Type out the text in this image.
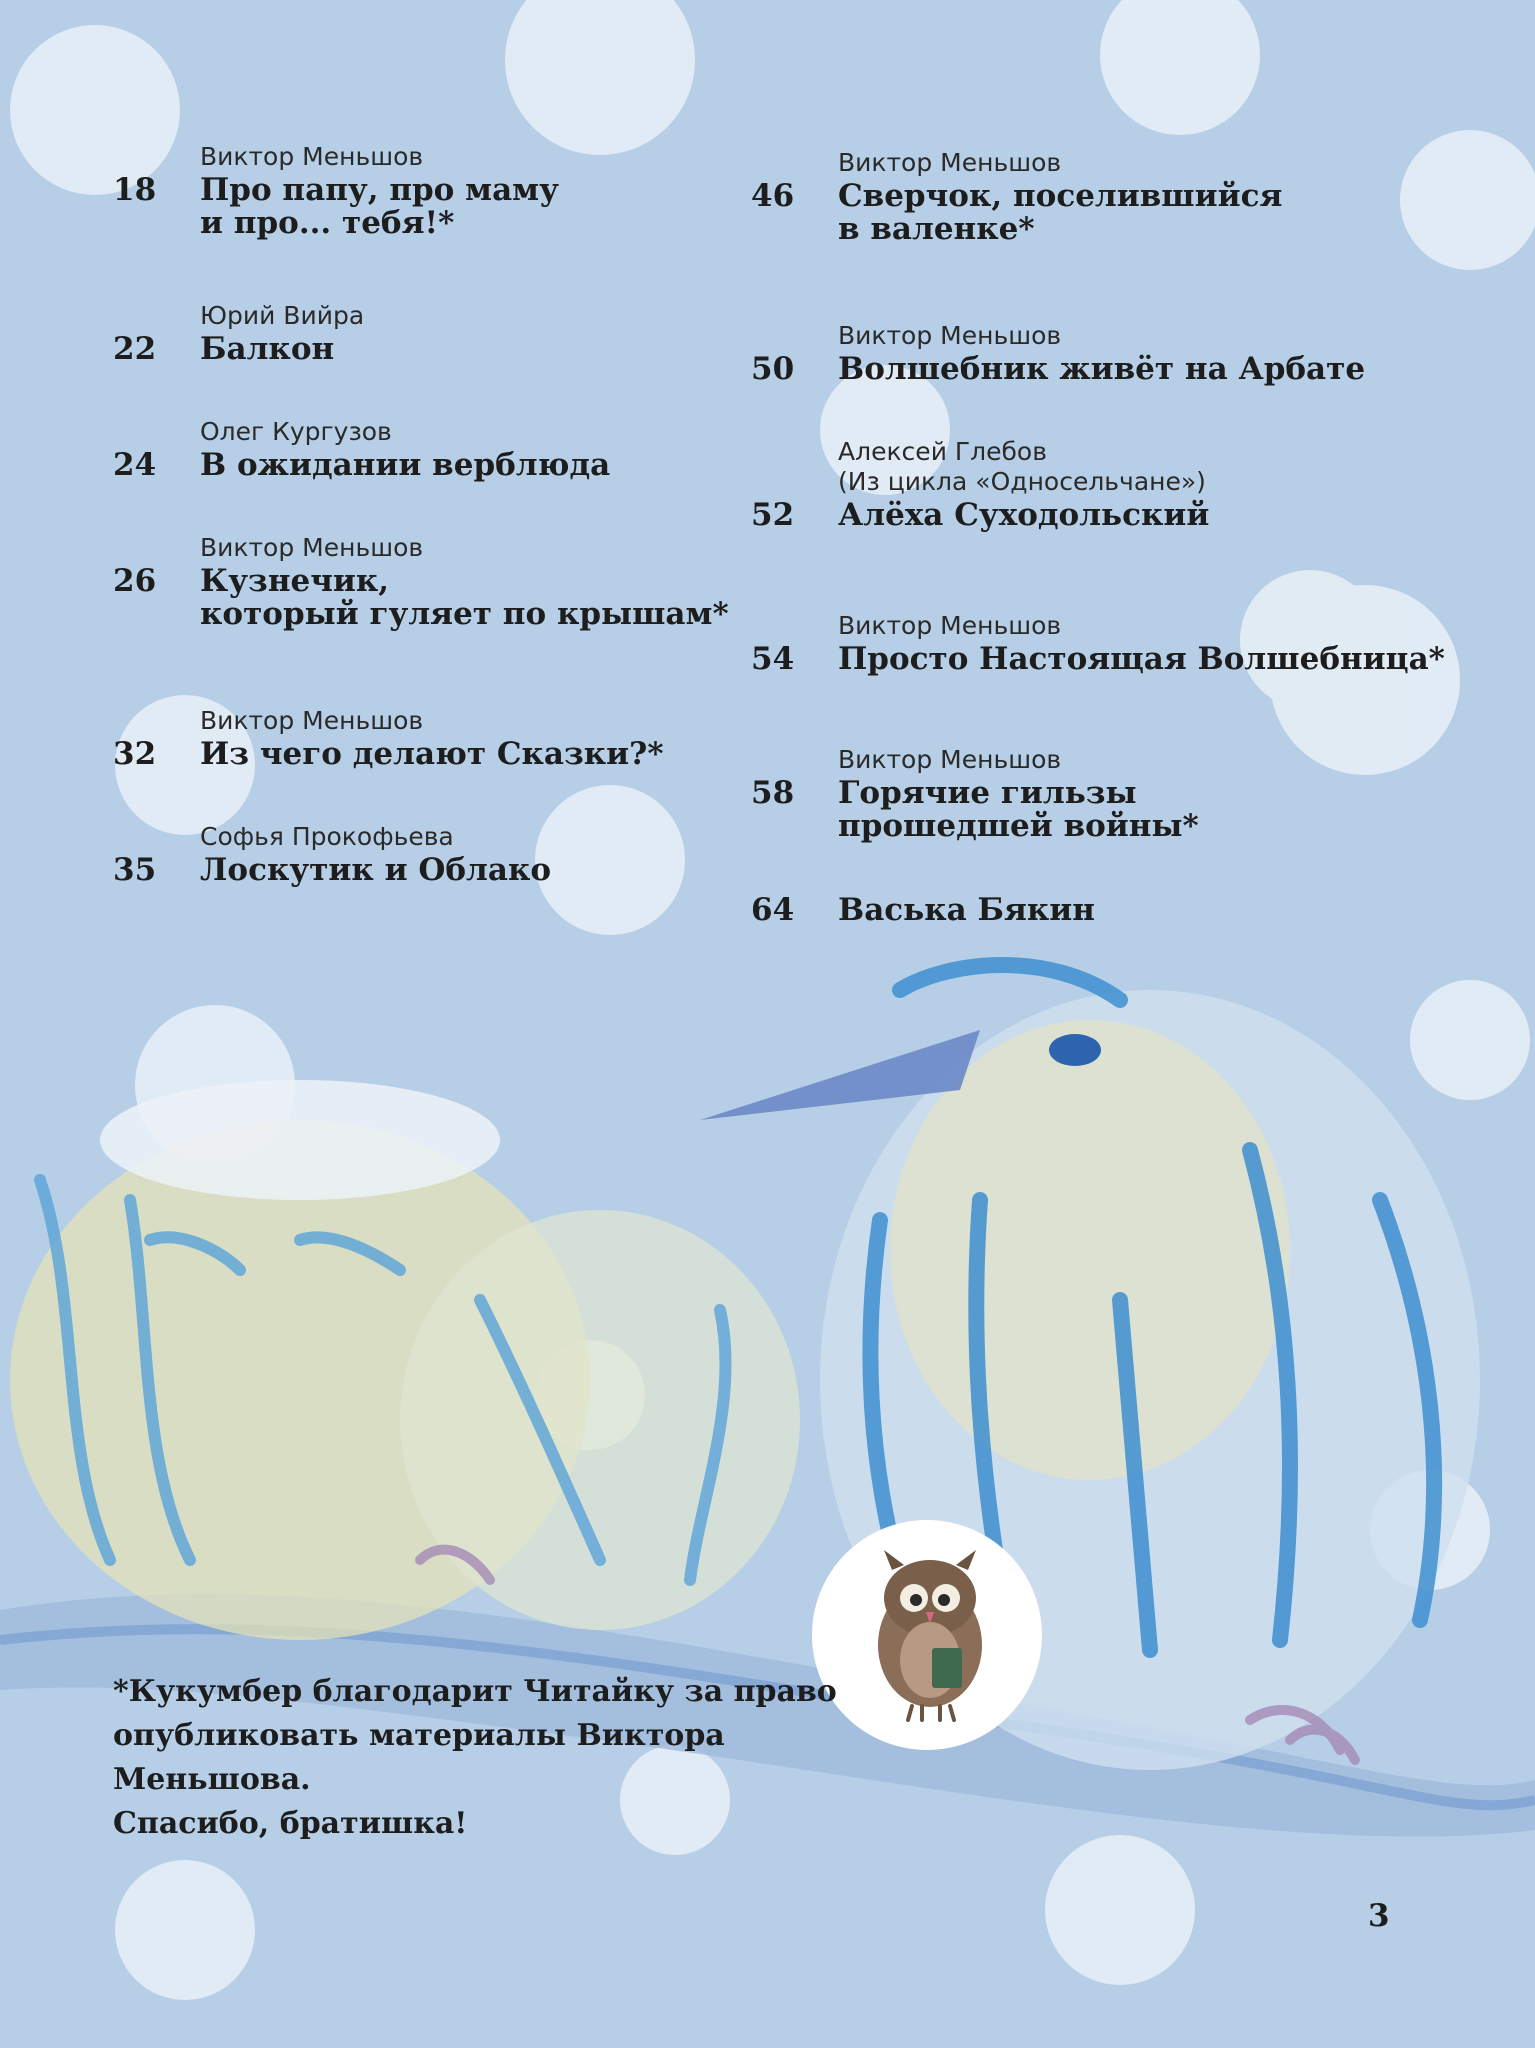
Виктор Меньшов
18	Про папу, про маму
и про... тебя!*
Юрий Вийра
22	Балкон
Олег Кургузов
24	В ожидании верблюда
Виктор Меньшов
26	Кузнечик,
который гуляет по крышам*
Виктор Меньшов
32	Из чего делают Сказки?*
Софья Прокофьева
35	Лоскутик и Облако
Виктор Меньшов
46	Сверчок, поселившийся
в валенке*
Виктор Меньшов
50	Волшебник живёт на Арбате
Алексей Глебов
(Из цикла «Односельчане»)
52	Алёха Суходольский
Виктор Меньшов
54	Просто Настоящая Волшебница*
Виктор Меньшов
58	Горячие гильзы
прошедшей войны*
64	Васька Бякин
*Кукумбер благодарит Читайку за право
опубликовать материалы Виктора Меньшова.
Спасибо, братишка!
3
